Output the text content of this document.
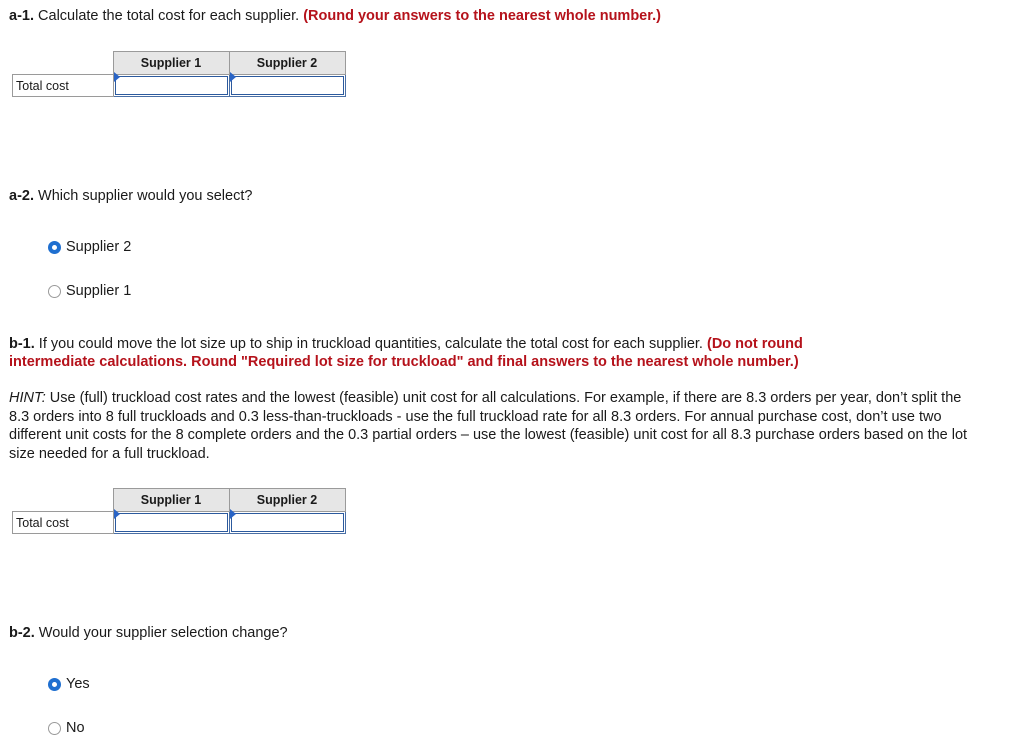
a-1. Calculate the total cost for each supplier. (Round your answers to the nearest whole number.)
	Supplier 1	Supplier 2
Total cost	

a-2. Which supplier would you select?
Supplier 2
Supplier 1
b-1. If you could move the lot size up to ship in truckload quantities, calculate the total cost for each supplier. (Do not round
intermediate calculations. Round "Required lot size for truckload" and final answers to the nearest whole number.)
HINT: Use (full) truckload cost rates and the lowest (feasible) unit cost for all calculations. For example, if there are 8.3 orders per year, don’t split the 8.3 orders into 8 full truckloads and 0.3 less-than-truckloads - use the full truckload rate for all 8.3 orders. For annual purchase cost, don’t use two different unit costs for the 8 complete orders and the 0.3 partial orders – use the lowest (feasible) unit cost for all 8.3 purchase orders based on the lot size needed for a full truckload.
	Supplier 1	Supplier 2
Total cost	

b-2. Would your supplier selection change?
Yes
No
